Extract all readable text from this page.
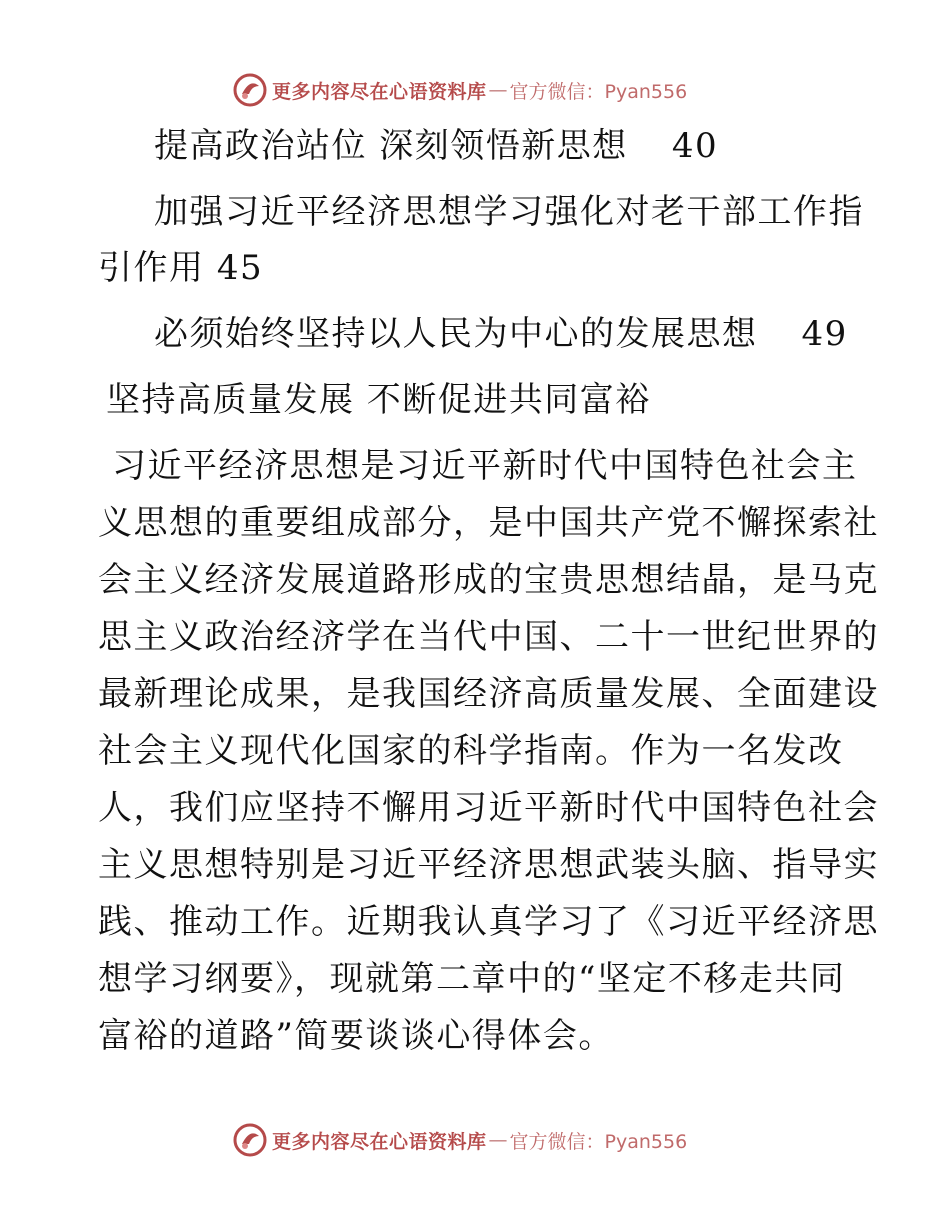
更多内容尽在心语资料库 — 官方微信：Pyan556
提高政治站位 深刻领悟新思想 40
加强习近平经济思想学习强化对老干部工作指
引作用 45
必须始终坚持以人民为中心的发展思想 49
坚持高质量发展 不断促进共同富裕
习近平经济思想是习近平新时代中国特色社会主
义思想的重要组成部分，是中国共产党不懈探索社
会主义经济发展道路形成的宝贵思想结晶，是马克
思主义政治经济学在当代中国、二十一世纪世界的
最新理论成果，是我国经济高质量发展、全面建设
社会主义现代化国家的科学指南。作为一名发改
人，我们应坚持不懈用习近平新时代中国特色社会
主义思想特别是习近平经济思想武装头脑、指导实
践、推动工作。近期我认真学习了《习近平经济思
想学习纲要》，现就第二章中的“坚定不移走共同
富裕的道路”简要谈谈心得体会。
更多内容尽在心语资料库 — 官方微信：Pyan556
